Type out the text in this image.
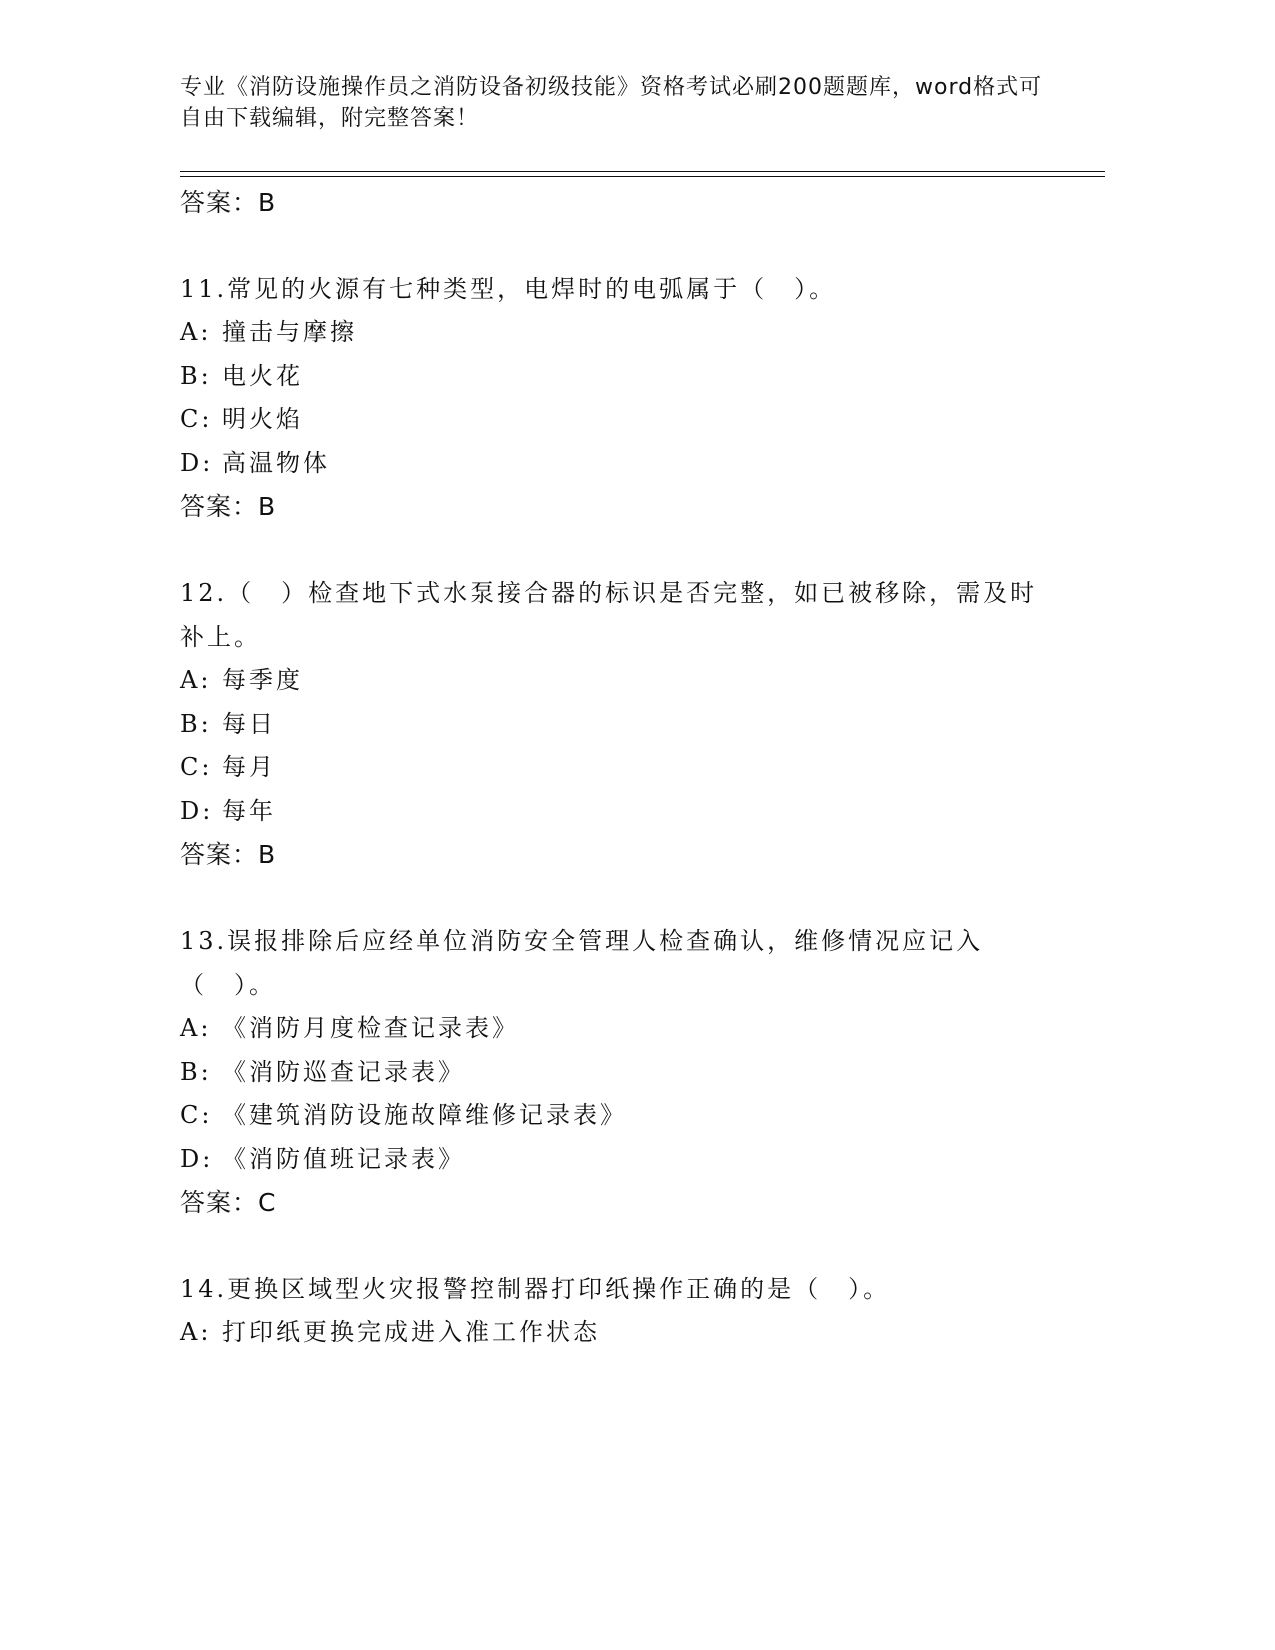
专业《消防设施操作员之消防设备初级技能》资格考试必刷200题题库，word格式可自由下载编辑，附完整答案！

答案：B

11.常见的火源有七种类型，电焊时的电弧属于（　）。

A: 撞击与摩擦

B: 电火花

C: 明火焰

D: 高温物体

答案：B

12.（　）检查地下式水泵接合器的标识是否完整，如已被移除，需及时补上。

A: 每季度

B: 每日

C: 每月

D: 每年

答案：B

13.误报排除后应经单位消防安全管理人检查确认，维修情况应记入（　）。

A: 《消防月度检查记录表》

B: 《消防巡查记录表》

C: 《建筑消防设施故障维修记录表》

D: 《消防值班记录表》

答案：C

14.更换区域型火灾报警控制器打印纸操作正确的是（　）。

A: 打印纸更换完成进入准工作状态
